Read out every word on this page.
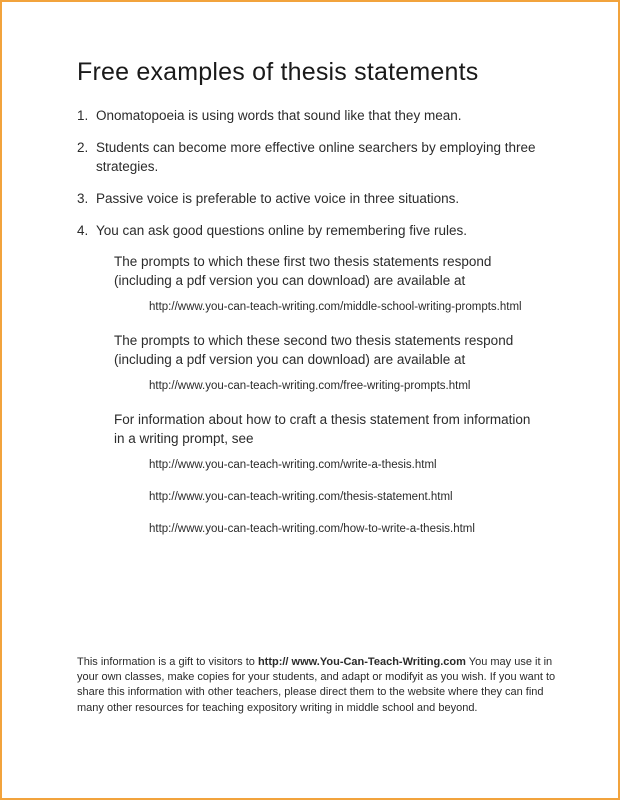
Free examples of thesis statements
1. Onomatopoeia is using words that sound like that they mean.
2. Students can become more effective online searchers by employing three strategies.
3. Passive voice is preferable to active voice in three situations.
4. You can ask good questions online by remembering five rules.
The prompts to which these first two thesis statements respond (including a pdf version you can download) are available at
http://www.you-can-teach-writing.com/middle-school-writing-prompts.html
The prompts to which these second two thesis statements respond (including a pdf version you can download) are available at
http://www.you-can-teach-writing.com/free-writing-prompts.html
For information about how to craft a thesis statement from information in a writing prompt, see
http://www.you-can-teach-writing.com/write-a-thesis.html
http://www.you-can-teach-writing.com/thesis-statement.html
http://www.you-can-teach-writing.com/how-to-write-a-thesis.html
This information is a gift to visitors to http:// www.You-Can-Teach-Writing.com You may use it in your own classes, make copies for your students, and adapt or modifyit as you wish. If you want to share this information with other teachers, please direct them to the website where they can find many other resources for teaching expository writing in middle school and beyond.
